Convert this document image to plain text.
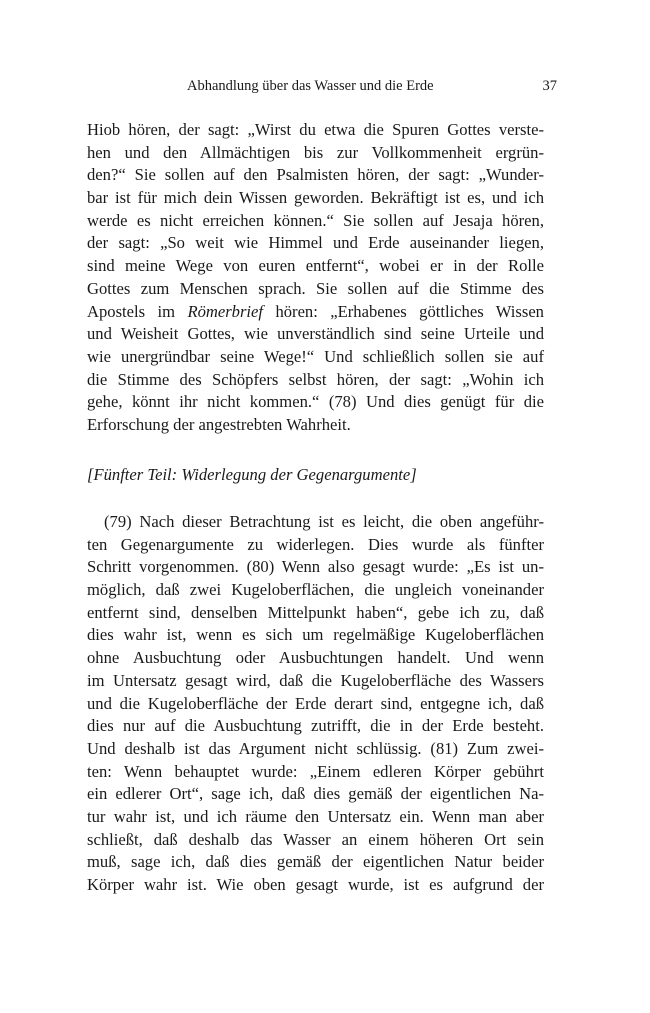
Abhandlung über das Wasser und die Erde	37
Hiob hören, der sagt: „Wirst du etwa die Spuren Gottes verste-
hen und den Allmächtigen bis zur Vollkommenheit ergrün-
den?“ Sie sollen auf den Psalmisten hören, der sagt: „Wunder-
bar ist für mich dein Wissen geworden. Bekräftigt ist es, und ich
werde es nicht erreichen können.“ Sie sollen auf Jesaja hören,
der sagt: „So weit wie Himmel und Erde auseinander liegen,
sind meine Wege von euren entfernt“, wobei er in der Rolle
Gottes zum Menschen sprach. Sie sollen auf die Stimme des
Apostels im Römerbrief hören: „Erhabenes göttliches Wissen
und Weisheit Gottes, wie unverständlich sind seine Urteile und
wie unergründbar seine Wege!“ Und schließlich sollen sie auf
die Stimme des Schöpfers selbst hören, der sagt: „Wohin ich
gehe, könnt ihr nicht kommen.“ (78) Und dies genügt für die
Erforschung der angestrebten Wahrheit.
[Fünfter Teil: Widerlegung der Gegenargumente]
(79) Nach dieser Betrachtung ist es leicht, die oben angeführ-
ten Gegenargumente zu widerlegen. Dies wurde als fünfter
Schritt vorgenommen. (80) Wenn also gesagt wurde: „Es ist un-
möglich, daß zwei Kugeloberflächen, die ungleich voneinander
entfernt sind, denselben Mittelpunkt haben“, gebe ich zu, daß
dies wahr ist, wenn es sich um regelmäßige Kugeloberflächen
ohne Ausbuchtung oder Ausbuchtungen handelt. Und wenn
im Untersatz gesagt wird, daß die Kugeloberfläche des Wassers
und die Kugeloberfläche der Erde derart sind, entgegne ich, daß
dies nur auf die Ausbuchtung zutrifft, die in der Erde besteht.
Und deshalb ist das Argument nicht schlüssig. (81) Zum zwei-
ten: Wenn behauptet wurde: „Einem edleren Körper gebührt
ein edlerer Ort“, sage ich, daß dies gemäß der eigentlichen Na-
tur wahr ist, und ich räume den Untersatz ein. Wenn man aber
schließt, daß deshalb das Wasser an einem höheren Ort sein
muß, sage ich, daß dies gemäß der eigentlichen Natur beider
Körper wahr ist. Wie oben gesagt wurde, ist es aufgrund der
